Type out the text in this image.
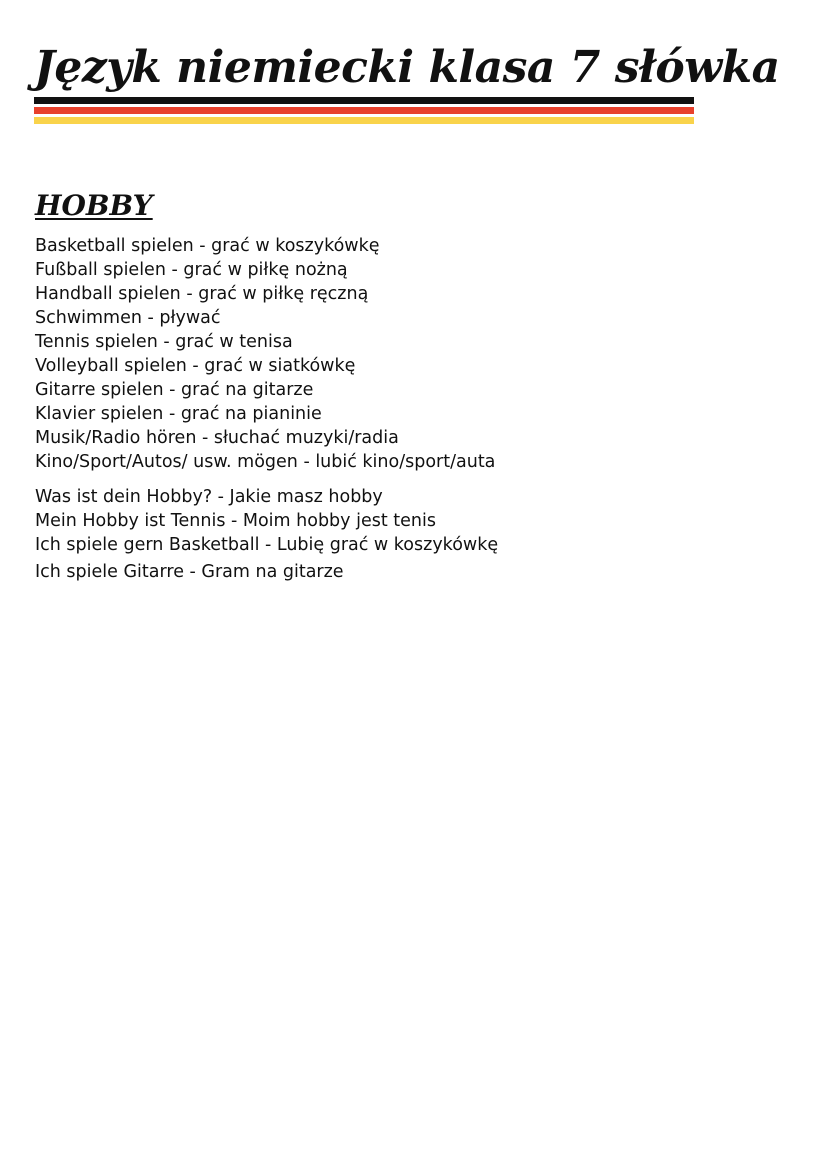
Język niemiecki klasa 7 słówka
HOBBY
Basketball spielen - grać w koszykówkę
Fußball spielen - grać w piłkę nożną
Handball spielen - grać w piłkę ręczną
Schwimmen - pływać
Tennis spielen - grać w tenisa
Volleyball spielen - grać w siatkówkę
Gitarre spielen - grać na gitarze
Klavier spielen - grać na pianinie
Musik/Radio hören - słuchać muzyki/radia
Kino/Sport/Autos/ usw. mögen - lubić kino/sport/auta
Was ist dein Hobby? - Jakie masz hobby
Mein Hobby ist Tennis - Moim hobby jest tenis
Ich spiele gern Basketball - Lubię grać w koszykówkę
Ich spiele Gitarre - Gram na gitarze
